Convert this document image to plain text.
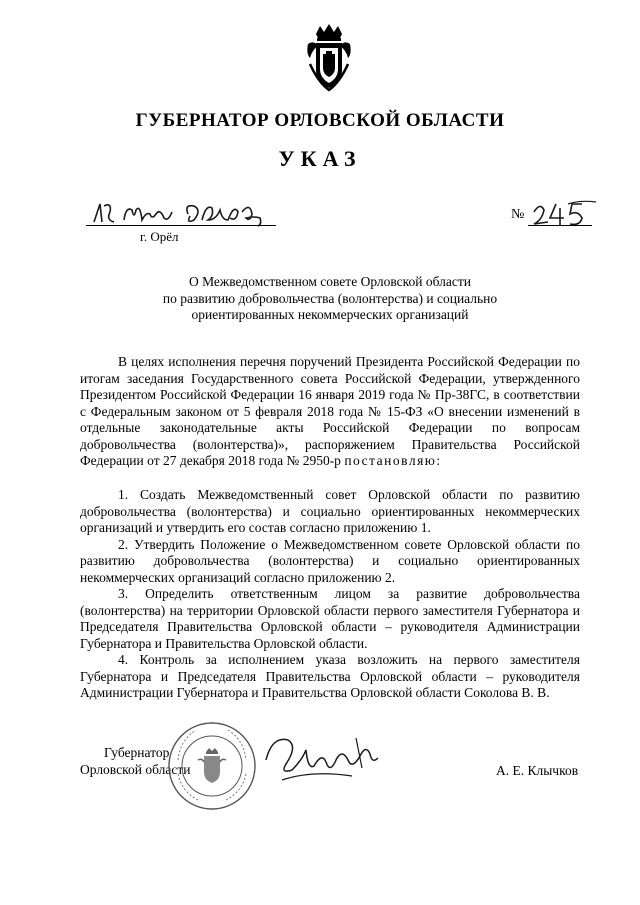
ГУБЕРНАТОР ОРЛОВСКОЙ ОБЛАСТИ
УКАЗ
г. Орёл
№
О Межведомственном совете Орловской области
по развитию добровольчества (волонтерства) и социально
ориентированных некоммерческих организаций

В целях исполнения перечня поручений Президента Российской Федерации по итогам заседания Государственного совета Российской Федерации, утвержденного Президентом Российской Федерации 16 января 2019 года № Пр-38ГС, в соответствии с Федеральным законом от 5 февраля 2018 года № 15-ФЗ «О внесении изменений в отдельные законодательные акты Российской Федерации по вопросам добровольчества (волонтерства)», распоряжением Правительства Российской Федерации от 27 декабря 2018 года № 2950-р постановляю:

1. Создать Межведомственный совет Орловской области по развитию добровольчества (волонтерства) и социально ориентированных некоммерческих организаций и утвердить его состав согласно приложению 1.

2. Утвердить Положение о Межведомственном совете Орловской области по развитию добровольчества (волонтерства) и социально ориентированных некоммерческих организаций согласно приложению 2.

3. Определить ответственным лицом за развитие добровольчества (волонтерства) на территории Орловской области первого заместителя Губернатора и Председателя Правительства Орловской области – руководителя Администрации Губернатора и Правительства Орловской области.

4. Контроль за исполнением указа возложить на первого заместителя Губернатора и Председателя Правительства Орловской области – руководителя Администрации Губернатора и Правительства Орловской области Соколова В. В.

Губернатор
Орловской области	А. Е. Клычков
